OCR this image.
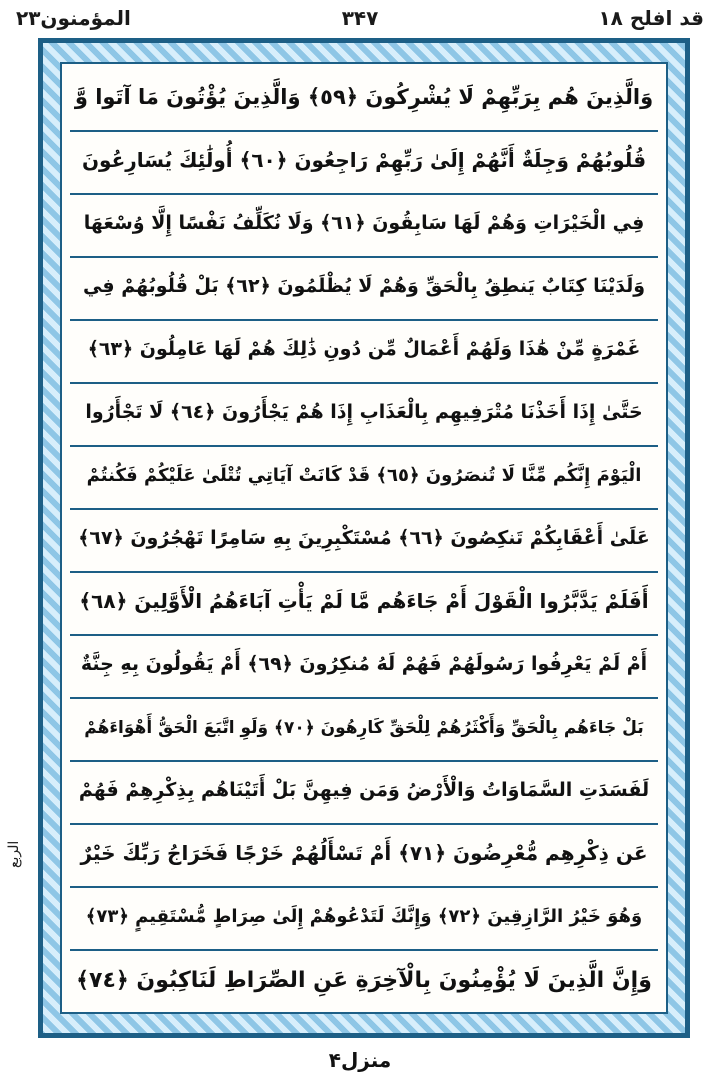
المؤمنون۲۳	۳۴۷	قد افلح ۱۸
الربع
وَالَّذِينَ هُم بِرَبِّهِمْ لَا يُشْرِكُونَ ﴿٥٩﴾ وَالَّذِينَ يُؤْتُونَ مَا آتَوا وَّ
قُلُوبُهُمْ وَجِلَةٌ أَنَّهُمْ إِلَىٰ رَبِّهِمْ رَاجِعُونَ ﴿٦٠﴾ أُولَٰئِكَ يُسَارِعُونَ
فِي الْخَيْرَاتِ وَهُمْ لَهَا سَابِقُونَ ﴿٦١﴾ وَلَا نُكَلِّفُ نَفْسًا إِلَّا وُسْعَهَا
وَلَدَيْنَا كِتَابٌ يَنطِقُ بِالْحَقِّ وَهُمْ لَا يُظْلَمُونَ ﴿٦٢﴾ بَلْ قُلُوبُهُمْ فِي
غَمْرَةٍ مِّنْ هَٰذَا وَلَهُمْ أَعْمَالٌ مِّن دُونِ ذَٰلِكَ هُمْ لَهَا عَامِلُونَ ﴿٦٣﴾
حَتَّىٰ إِذَا أَخَذْنَا مُتْرَفِيهِم بِالْعَذَابِ إِذَا هُمْ يَجْأَرُونَ ﴿٦٤﴾ لَا تَجْأَرُوا
الْيَوْمَ إِنَّكُم مِّنَّا لَا تُنصَرُونَ ﴿٦٥﴾ قَدْ كَانَتْ آيَاتِي تُتْلَىٰ عَلَيْكُمْ فَكُنتُمْ
عَلَىٰ أَعْقَابِكُمْ تَنكِصُونَ ﴿٦٦﴾ مُسْتَكْبِرِينَ بِهِ سَامِرًا تَهْجُرُونَ ﴿٦٧﴾
أَفَلَمْ يَدَّبَّرُوا الْقَوْلَ أَمْ جَاءَهُم مَّا لَمْ يَأْتِ آبَاءَهُمُ الْأَوَّلِينَ ﴿٦٨﴾
أَمْ لَمْ يَعْرِفُوا رَسُولَهُمْ فَهُمْ لَهُ مُنكِرُونَ ﴿٦٩﴾ أَمْ يَقُولُونَ بِهِ جِنَّةٌ
بَلْ جَاءَهُم بِالْحَقِّ وَأَكْثَرُهُمْ لِلْحَقِّ كَارِهُونَ ﴿٧٠﴾ وَلَوِ اتَّبَعَ الْحَقُّ أَهْوَاءَهُمْ
لَفَسَدَتِ السَّمَاوَاتُ وَالْأَرْضُ وَمَن فِيهِنَّ بَلْ أَتَيْنَاهُم بِذِكْرِهِمْ فَهُمْ
عَن ذِكْرِهِم مُّعْرِضُونَ ﴿٧١﴾ أَمْ تَسْأَلُهُمْ خَرْجًا فَخَرَاجُ رَبِّكَ خَيْرٌ
وَهُوَ خَيْرُ الرَّازِقِينَ ﴿٧٢﴾ وَإِنَّكَ لَتَدْعُوهُمْ إِلَىٰ صِرَاطٍ مُّسْتَقِيمٍ ﴿٧٣﴾
وَإِنَّ الَّذِينَ لَا يُؤْمِنُونَ بِالْآخِرَةِ عَنِ الصِّرَاطِ لَنَاكِبُونَ ﴿٧٤﴾
منزل۴
